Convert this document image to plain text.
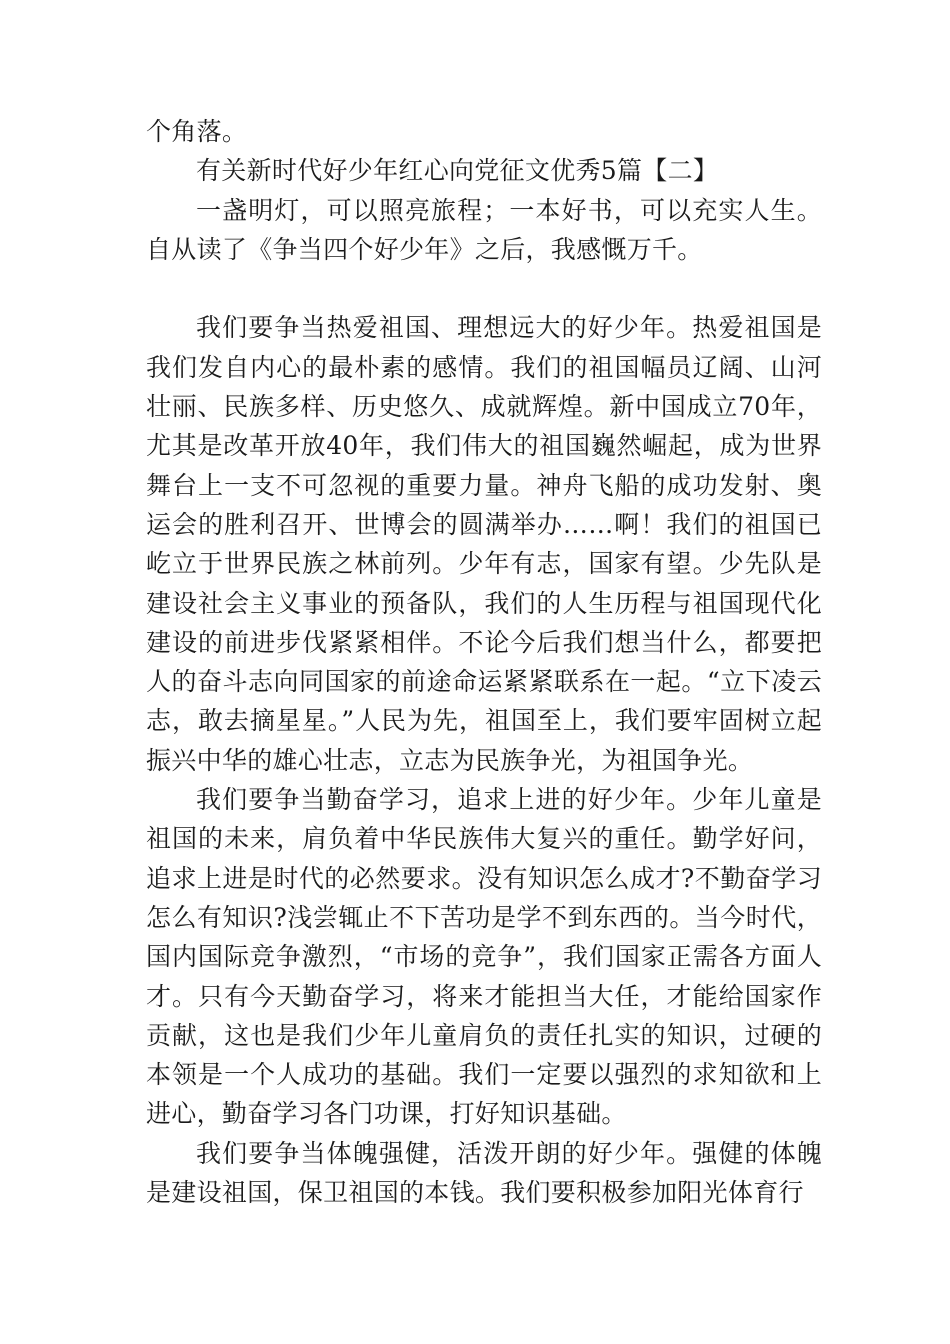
个角落。

有关新时代好少年红心向党征文优秀5篇【二】

一盏明灯，可以照亮旅程；一本好书，可以充实人生。自从读了《争当四个好少年》之后，我感慨万千。

我们要争当热爱祖国、理想远大的好少年。热爱祖国是我们发自内心的最朴素的感情。我们的祖国幅员辽阔、山河壮丽、民族多样、历史悠久、成就辉煌。新中国成立70年，尤其是改革开放40年，我们伟大的祖国巍然崛起，成为世界舞台上一支不可忽视的重要力量。神舟飞船的成功发射、奥运会的胜利召开、世博会的圆满举办……啊！我们的祖国已屹立于世界民族之林前列。少年有志，国家有望。少先队是建设社会主义事业的预备队，我们的人生历程与祖国现代化建设的前进步伐紧紧相伴。不论今后我们想当什么，都要把人的奋斗志向同国家的前途命运紧紧联系在一起。“立下凌云志，敢去摘星星。”人民为先，祖国至上，我们要牢固树立起振兴中华的雄心壮志，立志为民族争光，为祖国争光。

我们要争当勤奋学习，追求上进的好少年。少年儿童是祖国的未来，肩负着中华民族伟大复兴的重任。勤学好问，追求上进是时代的必然要求。没有知识怎么成才?不勤奋学习怎么有知识?浅尝辄止不下苦功是学不到东西的。当今时代，国内国际竞争激烈，“市场的竞争”，我们国家正需各方面人才。只有今天勤奋学习，将来才能担当大任，才能给国家作贡献，这也是我们少年儿童肩负的责任扎实的知识，过硬的本领是一个人成功的基础。我们一定要以强烈的求知欲和上进心，勤奋学习各门功课，打好知识基础。

我们要争当体魄强健，活泼开朗的好少年。强健的体魄是建设祖国，保卫祖国的本钱。我们要积极参加阳光体育行
